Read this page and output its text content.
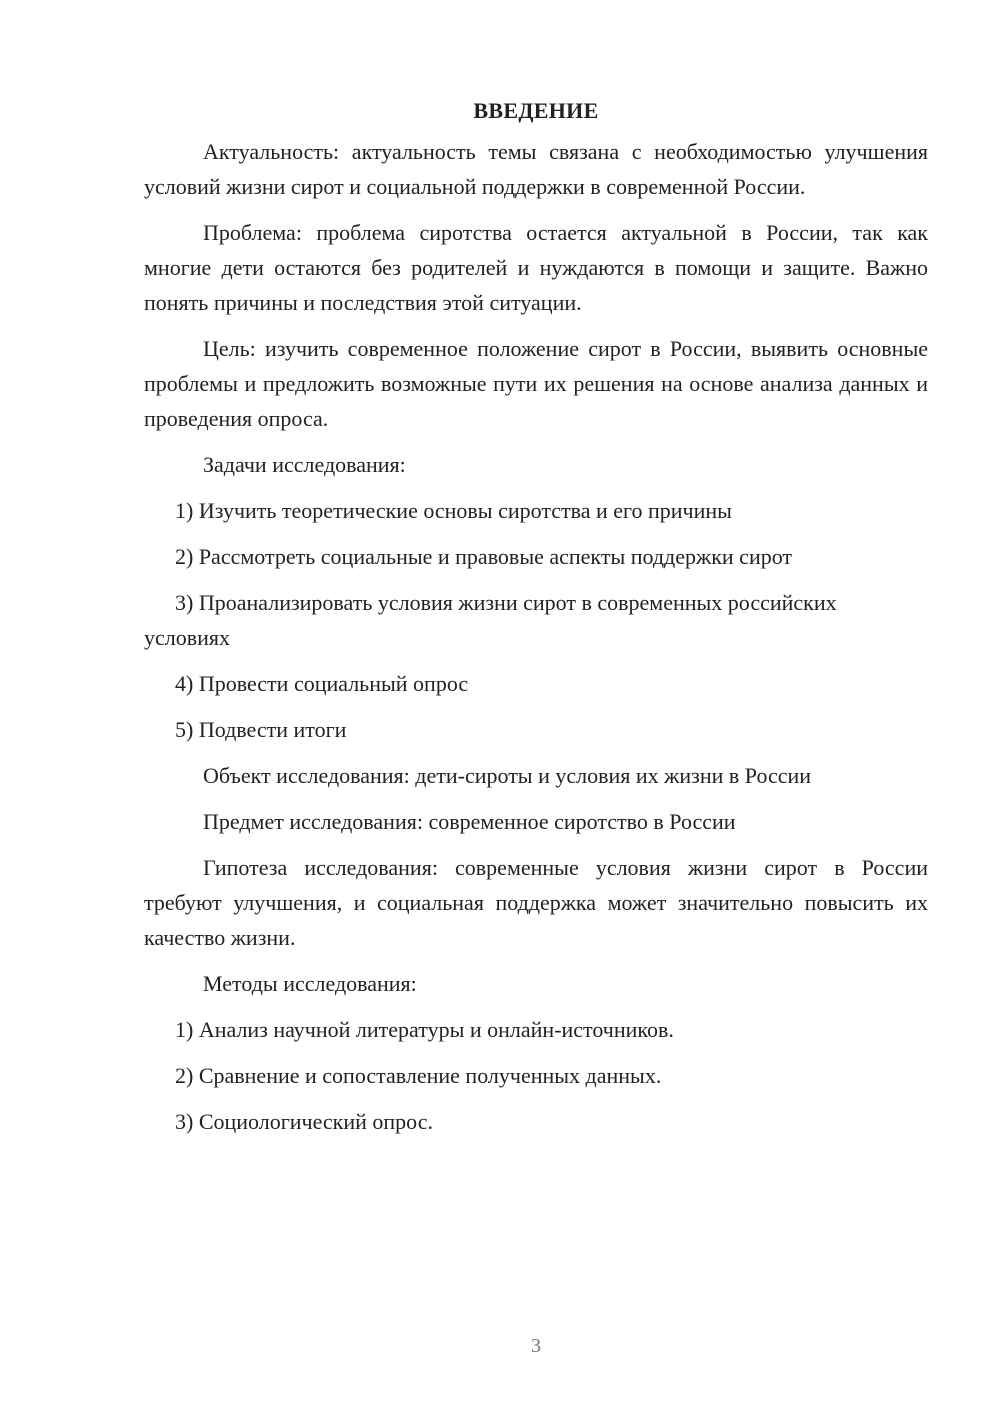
ВВЕДЕНИЕ
Актуальность: актуальность темы связана с необходимостью улучшения условий жизни сирот и социальной поддержки в современной России.
Проблема: проблема сиротства остается актуальной в России, так как многие дети остаются без родителей и нуждаются в помощи и защите. Важно понять причины и последствия этой ситуации.
Цель: изучить современное положение сирот в России, выявить основные проблемы и предложить возможные пути их решения на основе анализа данных и проведения опроса.
Задачи исследования:
1) Изучить теоретические основы сиротства и его причины
2) Рассмотреть социальные и правовые аспекты поддержки сирот
3) Проанализировать условия жизни сирот в современных российских условиях
4) Провести социальный опрос
5) Подвести итоги
Объект исследования: дети-сироты и условия их жизни в России
Предмет исследования: современное сиротство в России
Гипотеза исследования: современные условия жизни сирот в России требуют улучшения, и социальная поддержка может значительно повысить их качество жизни.
Методы исследования:
1) Анализ научной литературы и онлайн-источников.
2) Сравнение и сопоставление полученных данных.
3) Социологический опрос.
3
